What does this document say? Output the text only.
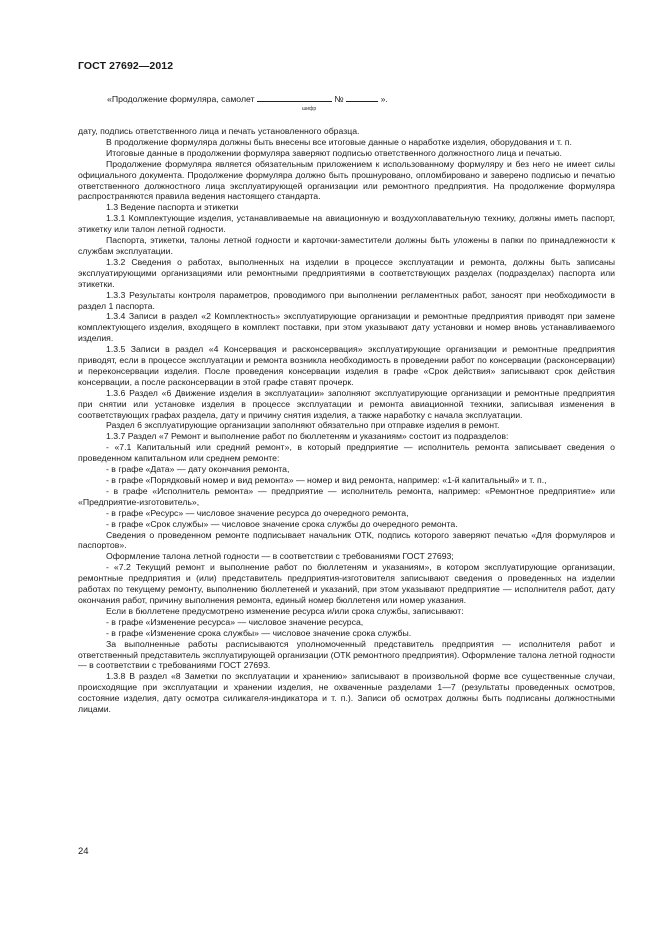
ГОСТ 27692—2012
«Продолжение формуляра, самолет	№	».
шифр

дату, подпись ответственного лица и печать установленного образца.

В продолжение формуляра должны быть внесены все итоговые данные о наработке изделия, оборудования и т. п.

Итоговые данные в продолжении формуляра заверяют подписью ответственного должностного лица и печатью.

Продолжение формуляра является обязательным приложением к использованному формуляру и без него не имеет силы официального документа. Продолжение формуляра должно быть прошнуровано, опломбировано и заверено подписью и печатью ответственного должностного лица эксплуатирующей организации или ремонтного предприятия. На продолжение формуляра распространяются правила ведения настоящего стандарта.

1.3 Ведение паспорта и этикетки

1.3.1 Комплектующие изделия, устанавливаемые на авиационную и воздухоплавательную технику, должны иметь паспорт, этикетку или талон летной годности.

Паспорта, этикетки, талоны летной годности и карточки-заместители должны быть уложены в папки по принадлежности к службам эксплуатации.

1.3.2 Сведения о работах, выполненных на изделии в процессе эксплуатации и ремонта, должны быть записаны эксплуатирующими организациями или ремонтными предприятиями в соответствующих разделах (подразделах) паспорта или этикетки.

1.3.3 Результаты контроля параметров, проводимого при выполнении регламентных работ, заносят при необходимости в раздел 1 паспорта.

1.3.4 Записи в раздел «2 Комплектность» эксплуатирующие организации и ремонтные предприятия приводят при замене комплектующего изделия, входящего в комплект поставки, при этом указывают дату установки и номер вновь устанавливаемого изделия.

1.3.5 Записи в раздел «4 Консервация и расконсервация» эксплуатирующие организации и ремонтные предприятия приводят, если в процессе эксплуатации и ремонта возникла необходимость в проведении работ по консервации (расконсервации) и переконсервации изделия. После проведения консервации изделия в графе «Срок действия» записывают срок действия консервации, а после расконсервации в этой графе ставят прочерк.

1.3.6 Раздел «6 Движение изделия в эксплуатации» заполняют эксплуатирующие организации и ремонтные предприятия при снятии или установке изделия в процессе эксплуатации и ремонта авиационной техники, записывая изменения в соответствующих графах раздела, дату и причину снятия изделия, а также наработку с начала эксплуатации.

Раздел 6 эксплуатирующие организации заполняют обязательно при отправке изделия в ремонт.

1.3.7 Раздел «7 Ремонт и выполнение работ по бюллетеням и указаниям» состоит из подразделов:

- «7.1 Капитальный или средний ремонт», в который предприятие — исполнитель ремонта записывает сведения о проведенном капитальном или среднем ремонте:

- в графе «Дата» — дату окончания ремонта,

- в графе «Порядковый номер и вид ремонта» — номер и вид ремонта, например: «1-й капитальный» и т. п.,

- в графе «Исполнитель ремонта» — предприятие — исполнитель ремонта, например: «Ремонтное предприятие» или «Предприятие-изготовитель»,

- в графе «Ресурс» — числовое значение ресурса до очередного ремонта,

- в графе «Срок службы» — числовое значение срока службы до очередного ремонта.

Сведения о проведенном ремонте подписывает начальник ОТК, подпись которого заверяют печатью «Для формуляров и паспортов».

Оформление талона летной годности — в соответствии с требованиями ГОСТ 27693;

- «7.2 Текущий ремонт и выполнение работ по бюллетеням и указаниям», в котором эксплуатирующие организации, ремонтные предприятия и (или) представитель предприятия-изготовителя записывают сведения о проведенных на изделии работах по текущему ремонту, выполнению бюллетеней и указаний, при этом указывают предприятие — исполнителя работ, дату окончания работ, причину выполнения ремонта, единый номер бюллетеня или номер указания.

Если в бюллетене предусмотрено изменение ресурса и/или срока службы, записывают:

- в графе «Изменение ресурса» — числовое значение ресурса,

- в графе «Изменение срока службы» — числовое значение срока службы.

За выполненные работы расписываются уполномоченный представитель предприятия — исполнителя работ и ответственный представитель эксплуатирующей организации (ОТК ремонтного предприятия). Оформление талона летной годности — в соответствии с требованиями ГОСТ 27693.

1.3.8 В раздел «8 Заметки по эксплуатации и хранению» записывают в произвольной форме все существенные случаи, происходящие при эксплуатации и хранении изделия, не охваченные разделами 1—7 (результаты проведенных осмотров, состояние изделия, дату осмотра силикагеля-индикатора и т. п.). Записи об осмотрах должны быть подписаны должностными лицами.

24
